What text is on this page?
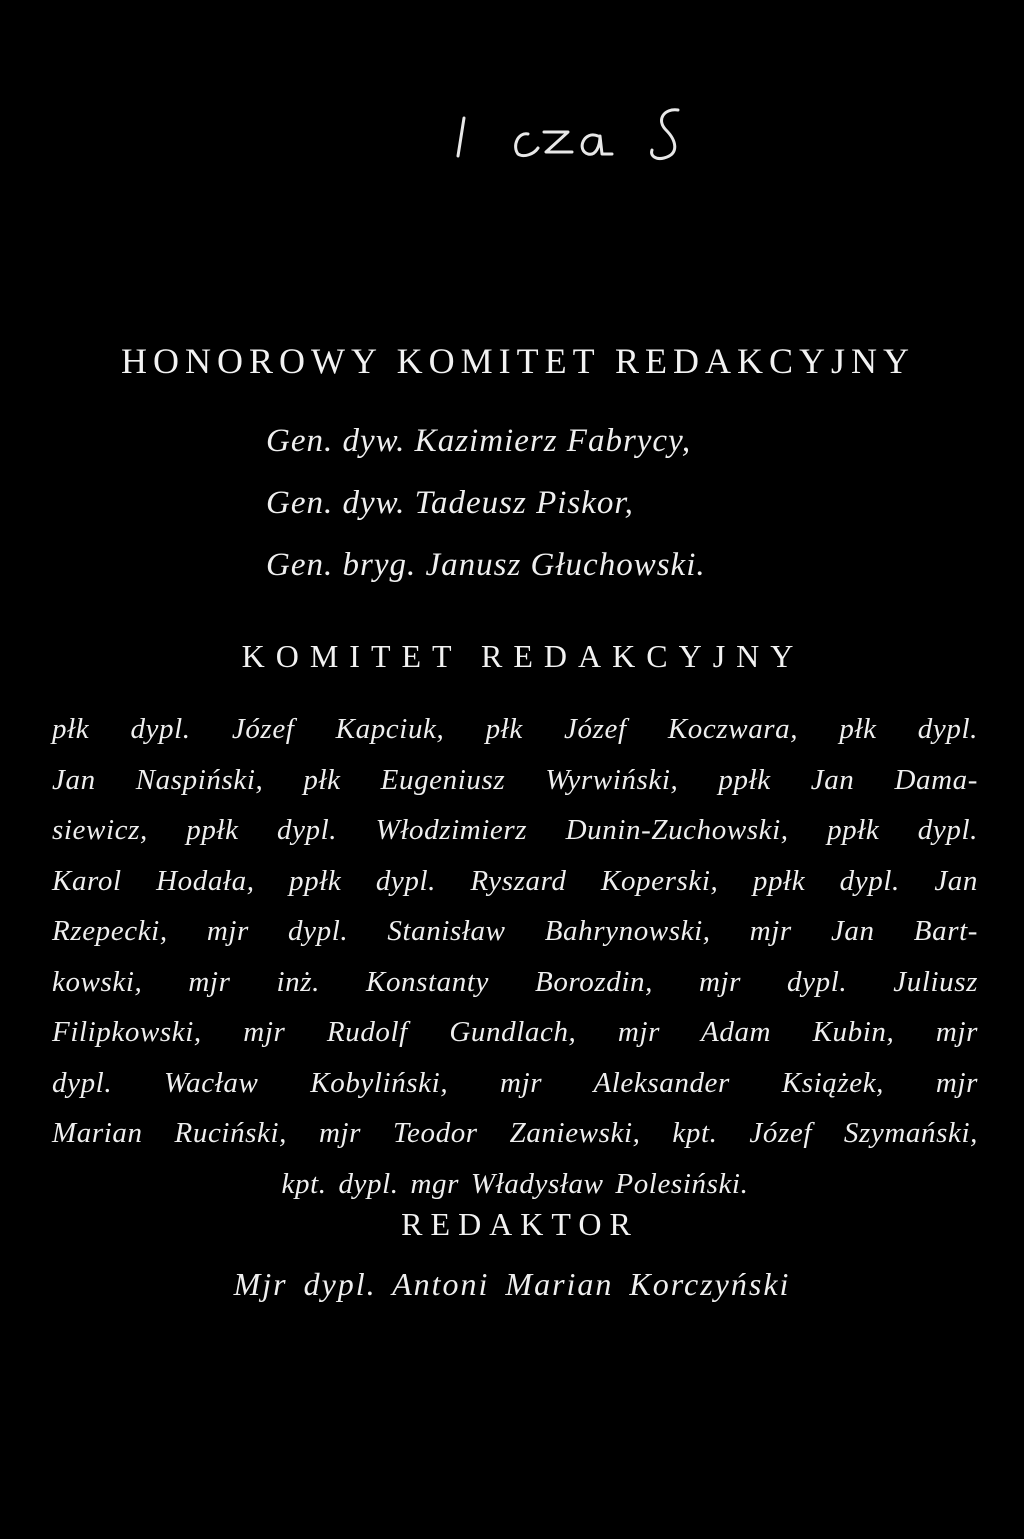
HONOROWY KOMITET REDAKCYJNY
Gen. dyw. Kazimierz Fabrycy,
Gen. dyw. Tadeusz Piskor,
Gen. bryg. Janusz Głuchowski.
KOMITET REDAKCYJNY

płk dypl. Józef Kapciuk, płk Józef Koczwara, płk dypl.
Jan Naspiński, płk Eugeniusz Wyrwiński, ppłk Jan Dama-
siewicz, ppłk dypl. Włodzimierz Dunin-Zuchowski, ppłk dypl.
Karol Hodała, ppłk dypl. Ryszard Koperski, ppłk dypl. Jan
Rzepecki, mjr dypl. Stanisław Bahrynowski, mjr Jan Bart-
kowski, mjr inż. Konstanty Borozdin, mjr dypl. Juliusz
Filipkowski, mjr Rudolf Gundlach, mjr Adam Kubin, mjr
dypl. Wacław Kobyliński, mjr Aleksander Książek, mjr
Marian Ruciński, mjr Teodor Zaniewski, kpt. Józef Szymański,
kpt. dypl. mgr Władysław Polesiński.

REDAKTOR

Mjr dypl. Antoni Marian Korczyński
